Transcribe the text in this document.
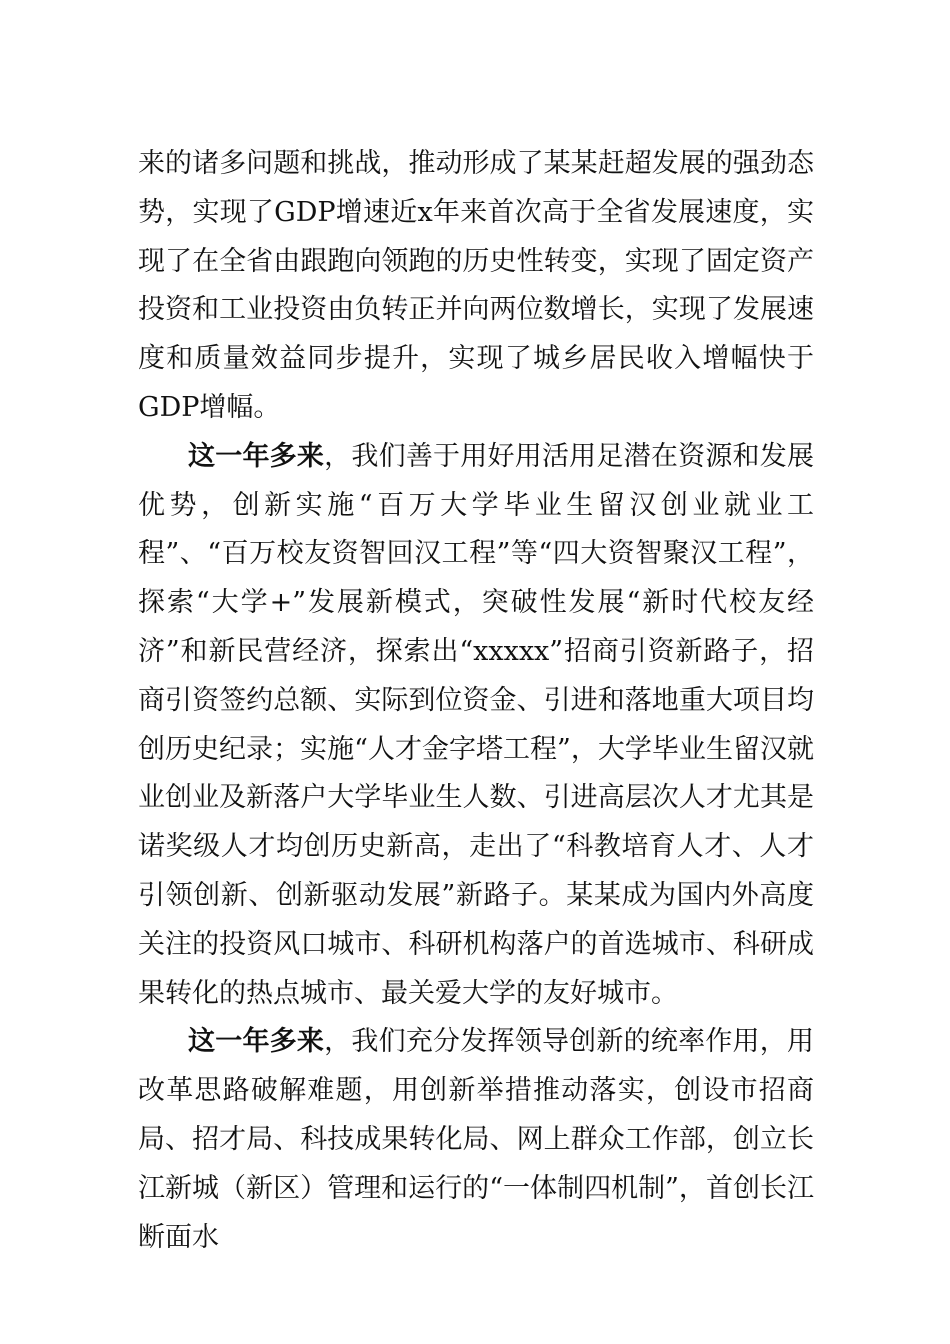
来的诸多问题和挑战，推动形成了某某赶超发展的强劲态势，实现了GDP增速近x年来首次高于全省发展速度，实现了在全省由跟跑向领跑的历史性转变，实现了固定资产投资和工业投资由负转正并向两位数增长，实现了发展速度和质量效益同步提升，实现了城乡居民收入增幅快于GDP增幅。

这一年多来，我们善于用好用活用足潜在资源和发展优势，创新实施“百万大学毕业生留汉创业就业工程”、“百万校友资智回汉工程”等“四大资智聚汉工程”，探索“大学+”发展新模式，突破性发展“新时代校友经济”和新民营经济，探索出“xxxxx”招商引资新路子，招商引资签约总额、实际到位资金、引进和落地重大项目均创历史纪录；实施“人才金字塔工程”，大学毕业生留汉就业创业及新落户大学毕业生人数、引进高层次人才尤其是诺奖级人才均创历史新高，走出了“科教培育人才、人才引领创新、创新驱动发展”新路子。某某成为国内外高度关注的投资风口城市、科研机构落户的首选城市、科研成果转化的热点城市、最关爱大学的友好城市。

这一年多来，我们充分发挥领导创新的统率作用，用改革思路破解难题，用创新举措推动落实，创设市招商局、招才局、科技成果转化局、网上群众工作部，创立长江新城（新区）管理和运行的“一体制四机制”，首创长江断面水
